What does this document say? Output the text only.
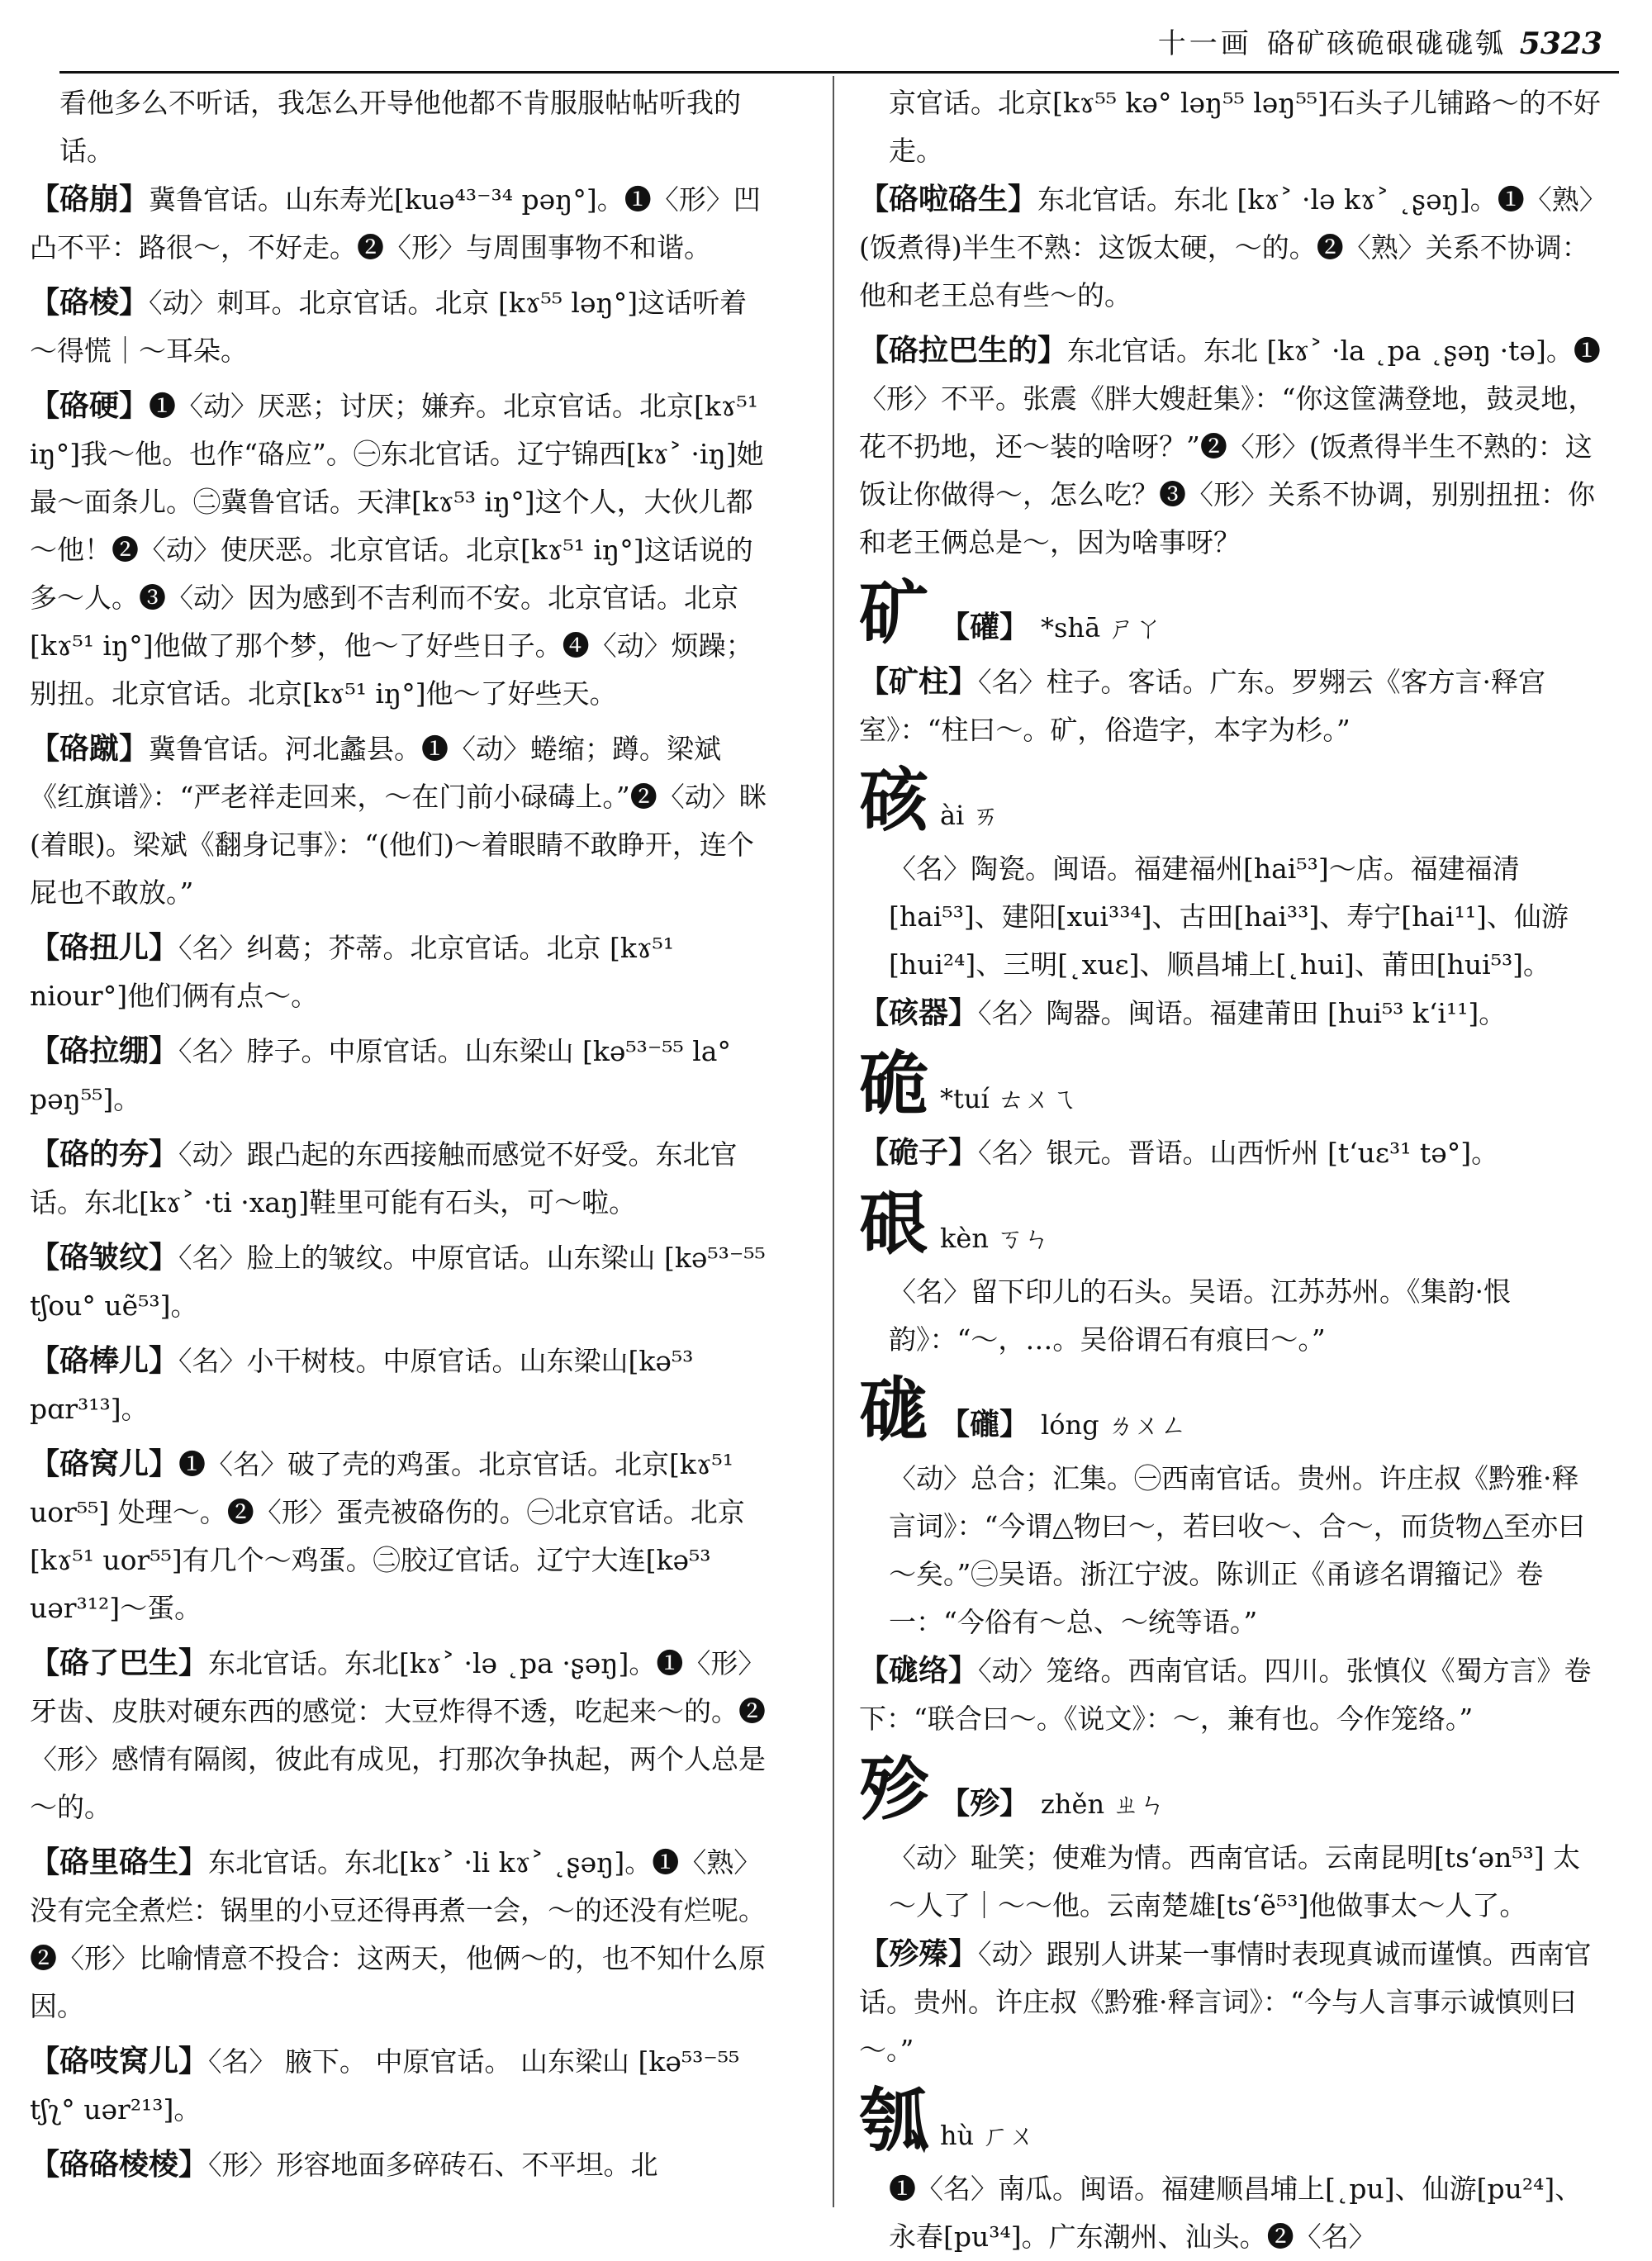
十一画 硌矿硋硊硍硥硥瓠 5323
看他多么不听话，我怎么开导他他都不肯服服帖帖听我的话。
【硌崩】冀鲁官话。山东寿光[kuə⁴³⁻³⁴ pəŋ°]。❶〈形〉凹凸不平：路很～，不好走。❷〈形〉与周围事物不和谐。
【硌棱】〈动〉刺耳。北京官话。北京 [kɤ⁵⁵ ləŋ°]这话听着～得慌｜～耳朵。
【硌硬】❶〈动〉厌恶；讨厌；嫌弃。北京官话。北京[kɤ⁵¹ iŋ°]我～他。也作“硌应”。㊀东北官话。辽宁锦西[kɤ˃ ·iŋ]她最～面条儿。㊁冀鲁官话。天津[kɤ⁵³ iŋ°]这个人，大伙儿都～他！❷〈动〉使厌恶。北京官话。北京[kɤ⁵¹ iŋ°]这话说的多～人。❸〈动〉因为感到不吉利而不安。北京官话。北京[kɤ⁵¹ iŋ°]他做了那个梦，他～了好些日子。❹〈动〉烦躁；别扭。北京官话。北京[kɤ⁵¹ iŋ°]他～了好些天。
【硌蹴】冀鲁官话。河北蠡县。❶〈动〉蜷缩；蹲。梁斌《红旗谱》：“严老祥走回来，～在门前小碌碡上。”❷〈动〉眯(着眼)。梁斌《翻身记事》：“(他们)～着眼睛不敢睁开，连个屁也不敢放。”
【硌扭儿】〈名〉纠葛；芥蒂。北京官话。北京 [kɤ⁵¹ niour°]他们俩有点～。
【硌拉绷】〈名〉脖子。中原官话。山东梁山 [kə⁵³⁻⁵⁵ la° pəŋ⁵⁵]。
【硌的夯】〈动〉跟凸起的东西接触而感觉不好受。东北官话。东北[kɤ˃ ·ti ·xaŋ]鞋里可能有石头，可～啦。
【硌皱纹】〈名〉脸上的皱纹。中原官话。山东梁山 [kə⁵³⁻⁵⁵ tʃou° uẽ⁵³]。
【硌棒儿】〈名〉小干树枝。中原官话。山东梁山[kə⁵³ pɑr³¹³]。
【硌窝儿】❶〈名〉破了壳的鸡蛋。北京官话。北京[kɤ⁵¹ uor⁵⁵] 处理～。❷〈形〉蛋壳被硌伤的。㊀北京官话。北京[kɤ⁵¹ uor⁵⁵]有几个～鸡蛋。㊁胶辽官话。辽宁大连[kə⁵³ uər³¹²]～蛋。
【硌了巴生】东北官话。东北[kɤ˃ ·lə ˛pa ·ʂəŋ]。❶〈形〉牙齿、皮肤对硬东西的感觉：大豆炸得不透，吃起来～的。❷〈形〉感情有隔阂，彼此有成见，打那次争执起，两个人总是～的。
【硌里硌生】东北官话。东北[kɤ˃ ·li kɤ˃ ˛ʂəŋ]。❶〈熟〉没有完全煮烂：锅里的小豆还得再煮一会，～的还没有烂呢。❷〈形〉比喻情意不投合：这两天，他俩～的，也不知什么原因。
【硌吱窝儿】〈名〉 腋下。 中原官话。 山东梁山 [kə⁵³⁻⁵⁵ tʃʅ° uər²¹³]。
【硌硌棱棱】〈形〉形容地面多碎砖石、不平坦。北
京官话。北京[kɤ⁵⁵ kə° ləŋ⁵⁵ ləŋ⁵⁵]石头子儿铺路～的不好走。
【硌啦硌生】东北官话。东北 [kɤ˃ ·lə kɤ˃ ˛ʂəŋ]。❶〈熟〉(饭煮得)半生不熟：这饭太硬，～的。❷〈熟〉关系不协调：他和老王总有些～的。
【硌拉巴生的】东北官话。东北 [kɤ˃ ·la ˛pa ˛ʂəŋ ·tə]。❶〈形〉不平。张震《胖大嫂赶集》：“你这筐满登地，鼓灵地，花不扔地，还～装的啥呀？”❷〈形〉(饭煮得半生不熟的：这饭让你做得～，怎么吃？❸〈形〉关系不协调，别别扭扭：你和老王俩总是～，因为啥事呀？
矿 【礶】 *shā ㄕㄚ
【矿柱】〈名〉柱子。客话。广东。罗翙云《客方言·释宫室》：“柱曰～。矿，俗造字，本字为杉。”
硋 ài ㄞ
〈名〉陶瓷。闽语。福建福州[hai⁵³]～店。福建福清[hai⁵³]、建阳[xui³³⁴]、古田[hai³³]、寿宁[hai¹¹]、仙游[hui²⁴]、三明[˛xuɛ]、顺昌埔上[˛hui]、莆田[hui⁵³]。
【硋器】〈名〉陶器。闽语。福建莆田 [hui⁵³ k‘i¹¹]。
硊 *tuí ㄊㄨㄟ
【硊子】〈名〉银元。晋语。山西忻州 [t‘uɛ³¹ tə°]。
硍 kèn ㄎㄣ
〈名〉留下印儿的石头。吴语。江苏苏州。《集韵·恨韵》：“～，…。吴俗谓石有痕曰～。”
硥 【礲】 lóng ㄌㄨㄥ
〈动〉总合；汇集。㊀西南官话。贵州。许庄叔《黔雅·释言词》：“今谓△物曰～，若曰收～、合～，而货物△至亦曰～矣。”㊁吴语。浙江宁波。陈训正《甬谚名谓籀记》卷一：“今俗有～总、～统等语。”
【硥络】〈动〉笼络。西南官话。四川。张慎仪《蜀方言》卷下：“联合曰～。《说文》：～，兼有也。今作笼络。”
殄 【殄】 zhěn ㄓㄣ
〈动〉耻笑；使难为情。西南官话。云南昆明[ts‘ən⁵³] 太～人了｜～～他。云南楚雄[ts‘ẽ⁵³]他做事太～人了。
【殄殝】〈动〉跟别人讲某一事情时表现真诚而谨慎。西南官话。贵州。许庄叔《黔雅·释言词》：“今与人言事示诚慎则曰～。”
瓠 hù ㄏㄨ
❶〈名〉南瓜。闽语。福建顺昌埔上[˛pu]、仙游[pu²⁴]、永春[pu³⁴]。广东潮州、汕头。❷〈名〉
